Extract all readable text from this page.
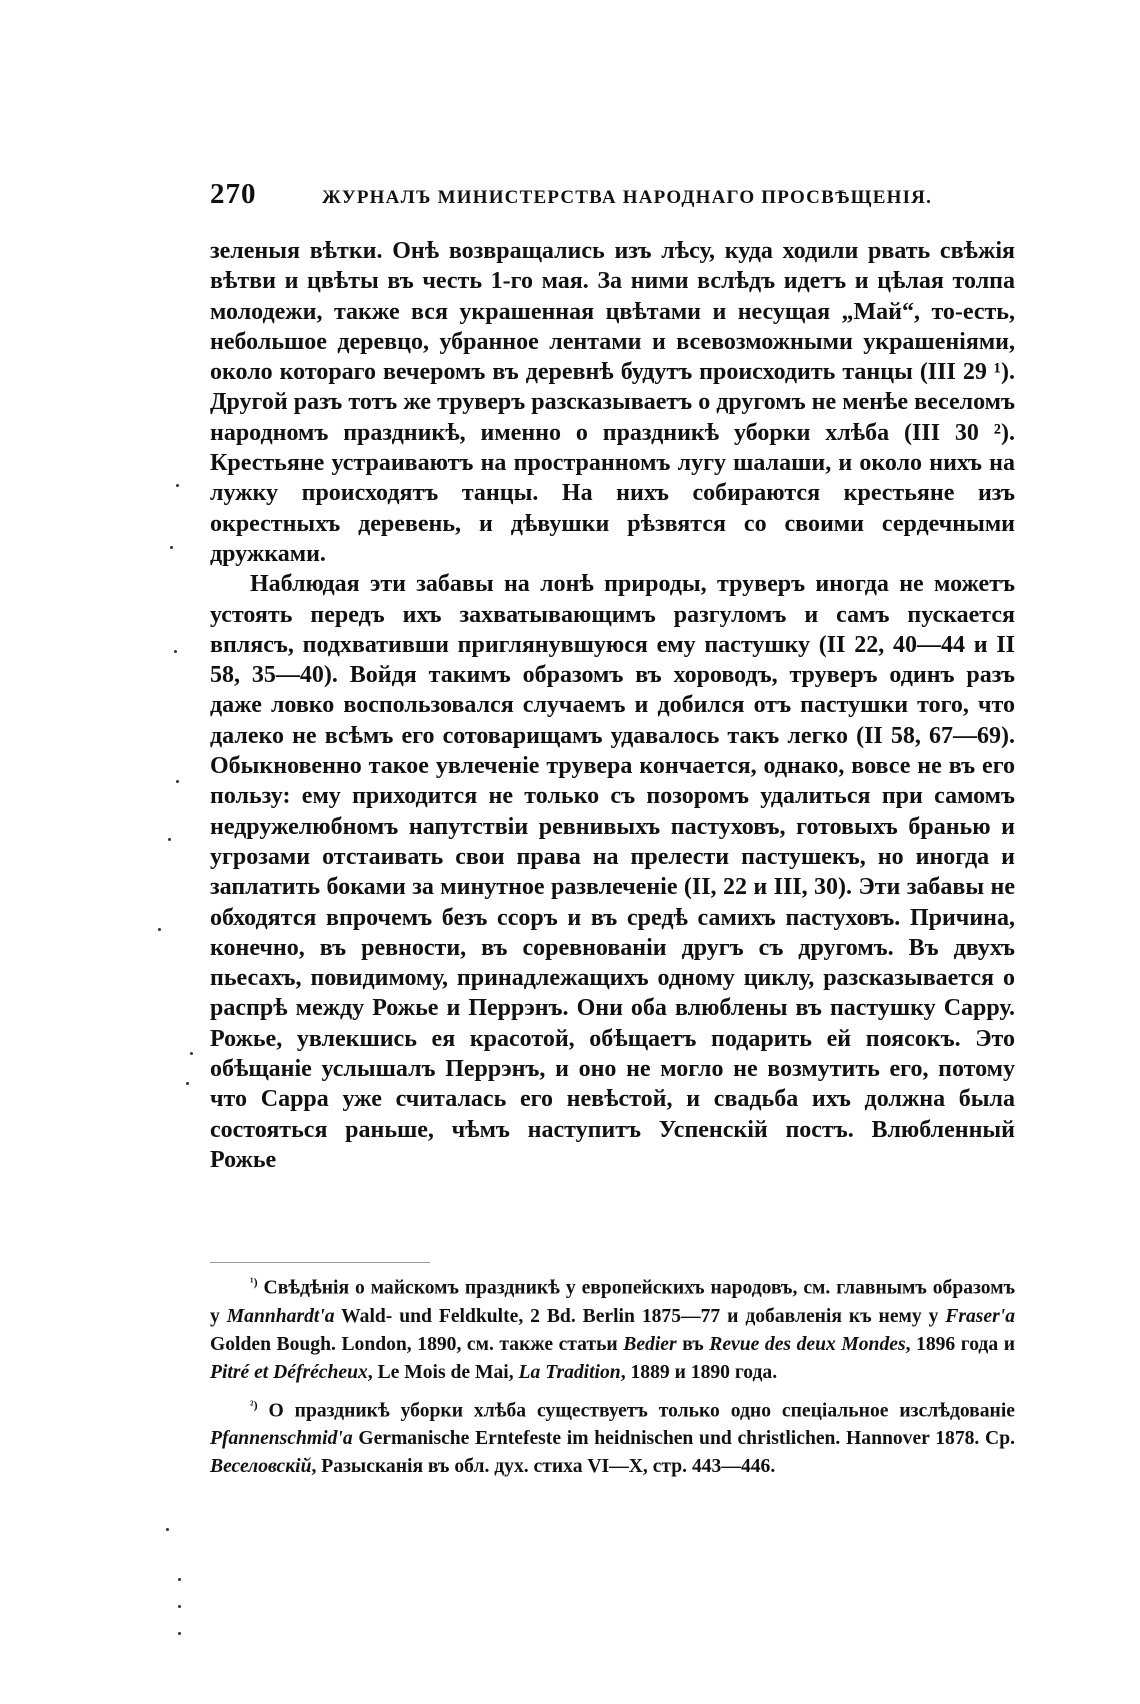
270	ЖУРНАЛЪ МИНИСТЕРСТВА НАРОДНАГО ПРОСВѢЩЕНІЯ.

зеленыя вѣтки. Онѣ возвращались изъ лѣсу, куда ходили рвать свѣжія вѣтви и цвѣты въ честь 1-го мая. За ними вслѣдъ идетъ и цѣлая толпа молодежи, также вся украшенная цвѣтами и несущая „Май“, то-есть, небольшое деревцо, убранное лентами и всевозможными украшеніями, около котораго вечеромъ въ деревнѣ будутъ происходить танцы (III 29 ¹). Другой разъ тотъ же труверъ разсказываетъ о другомъ не менѣе веселомъ народномъ праздникѣ, именно о праздникѣ уборки хлѣба (III 30 ²). Крестьяне устраиваютъ на пространномъ лугу шалаши, и около нихъ на лужку происходятъ танцы. На нихъ собираются крестьяне изъ окрестныхъ деревень, и дѣвушки рѣзвятся со своими сердечными дружками.

Наблюдая эти забавы на лонѣ природы, труверъ иногда не можетъ устоять передъ ихъ захватывающимъ разгуломъ и самъ пускается вплясъ, подхвативши приглянувшуюся ему пастушку (II 22, 40—44 и II 58, 35—40). Войдя такимъ образомъ въ хороводъ, труверъ одинъ разъ даже ловко воспользовался случаемъ и добился отъ пастушки того, что далеко не всѣмъ его сотоварищамъ удавалось такъ легко (II 58, 67—69). Обыкновенно такое увлеченіе трувера кончается, однако, вовсе не въ его пользу: ему приходится не только съ позоромъ удалиться при самомъ недружелюбномъ напутствіи ревнивыхъ пастуховъ, готовыхъ бранью и угрозами отстаивать свои права на прелести пастушекъ, но иногда и заплатить боками за минутное развлеченіе (II, 22 и III, 30). Эти забавы не обходятся впрочемъ безъ ссоръ и въ средѣ самихъ пастуховъ. Причина, конечно, въ ревности, въ соревнованіи другъ съ другомъ. Въ двухъ пьесахъ, повидимому, принадлежащихъ одному циклу, разсказывается о распрѣ между Рожье и Перрэнъ. Они оба влюблены въ пастушку Сарру. Рожье, увлекшись ея красотой, обѣщаетъ подарить ей поясокъ. Это обѣщаніе услышалъ Перрэнъ, и оно не могло не возмутить его, потому что Сарра уже считалась его невѣстой, и свадьба ихъ должна была состояться раньше, чѣмъ наступитъ Успенскій постъ. Влюбленный Рожье

$^{^1)}$ Свѣдѣнія о майскомъ праздникѣ у европейскихъ народовъ, см. главнымъ образомъ у Mannhardt'a Wald- und Feldkulte, 2 Bd. Berlin 1875—77 и добавленія къ нему у Fraser'a Golden Bough. London, 1890, см. также статьи Bedier въ Revue des deux Mondes, 1896 года и Pitré et Défrécheux, Le Mois de Mai, La Tradition, 1889 и 1890 года.

$^{^2)}$ О праздникѣ уборки хлѣба существуетъ только одно спеціальное изслѣдованіе Pfannenschmid'a Germanische Erntefeste im heidnischen und christlichen. Hannover 1878. Ср. Веселовскій, Разысканія въ обл. дух. стиха VI—X, стр. 443—446.
